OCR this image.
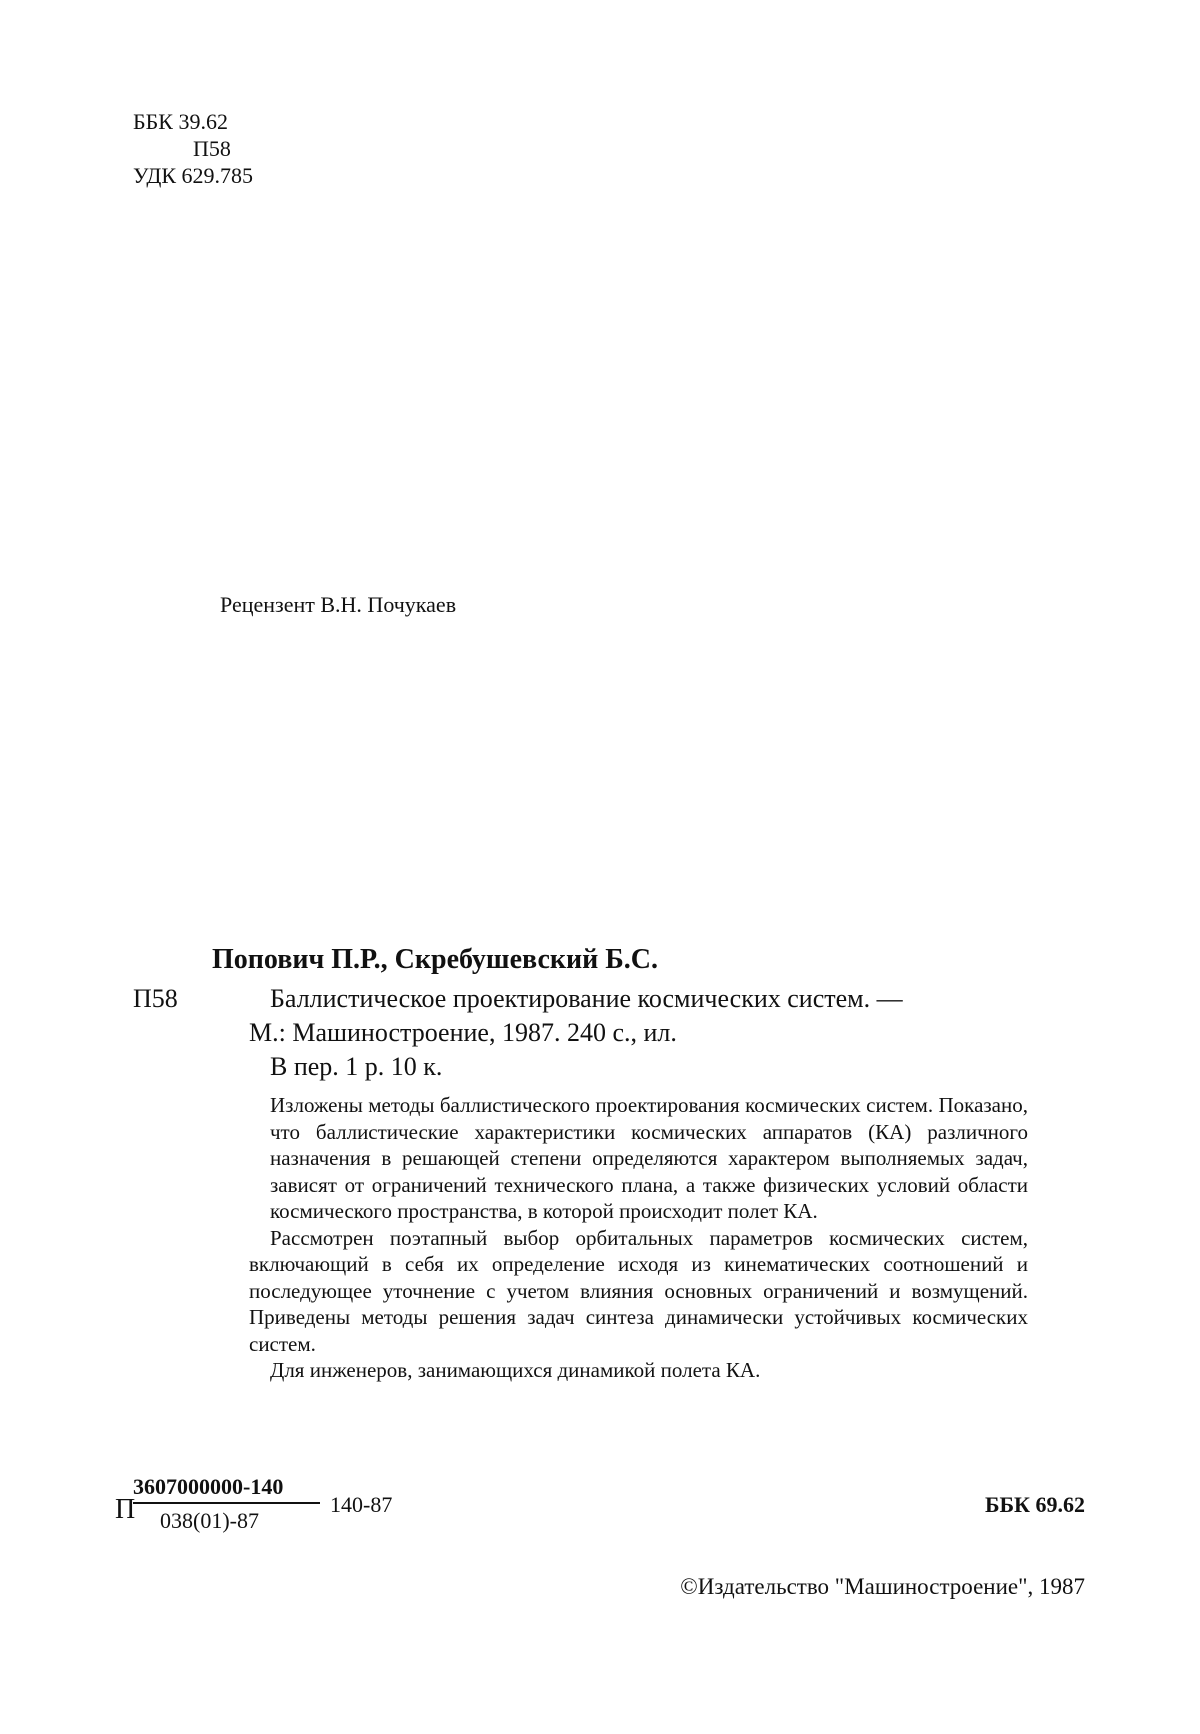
ББК 39.62
П58
УДК 629.785
Рецензент В.Н. Почукаев
Попович П.Р., Скребушевский Б.С.
П58	Баллистическое проектирование космических систем. —
М.: Машиностроение, 1987. 240 с., ил.
В пер. 1 р. 10 к.

Изложены методы баллистического проектирования космических систем. Показано, что баллистические характеристики космических аппаратов (КА) различного назначения в решающей степени определяются характером выполняемых задач, зависят от ограничений технического плана, а также физических условий области космического пространства, в которой происходит полет КА.

Рассмотрен поэтапный выбор орбитальных параметров космических систем, включающий в себя их определение исходя из кинематических соотношений и последующее уточнение с учетом влияния основных ограничений и возмущений. Приведены методы решения задач синтеза динамически устойчивых космических систем.

Для инженеров, занимающихся динамикой полета КА.

П
3607000000-140
038(01)-87
140-87	ББК 69.62
©Издательство "Машиностроение", 1987
